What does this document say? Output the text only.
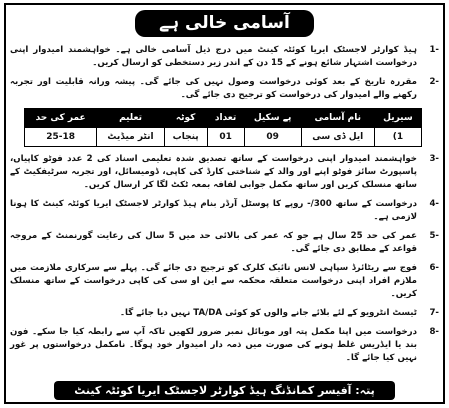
آسامی خالی ہے
1-
ہیڈ کوارٹر لاجسٹک ایریا کوئٹہ کینٹ میں درج ذیل آسامی خالی ہے۔ خواہشمند امیدوار اپنی درخواست اشتہار شائع ہونے کے 15 دن کے اندر زیر دستخطی کو ارسال کریں۔
2-
مقررہ تاریخ کے بعد کوئی درخواست وصول نہیں کی جائے گی۔ پیشہ ورانہ قابلیت اور تجربہ رکھنے والے امیدوار کی درخواست کو ترجیح دی جائے گی۔
سیریل	نام آسامی	پے سکیل	تعداد	کوٹہ	تعلیم	عمر کی حد
1)	ایل ڈی سی	09	01	پنجاب	انٹر میڈیٹ	25-18
3-
خواہشمند امیدوار اپنی درخواست کے ساتھ تصدیق شدہ تعلیمی اسناد کی 2 عدد فوٹو کاپیاں، پاسپورٹ سائز فوٹو اپنے اور والد کے شناختی کارڈ کی کاپی، ڈومیسائل، اور تجربہ سرٹیفکیٹ کے ساتھ منسلک کریں اور ساتھ مکمل جوابی لفافہ بمعہ ٹکٹ لگا کر ارسال کریں۔
4-
درخواست کے ساتھ 300/- روپے کا پوسٹل آرڈر بنام ہیڈ کوارٹر لاجسٹک ایریا کوئٹہ کینٹ کا ہونا لازمی ہے۔
5-
عمر کی حد 25 سال ہے جو کہ عمر کی بالائی حد میں 5 سال کی رعایت گورنمنٹ کے مروجہ قواعد کے مطابق دی جائے گی۔
6-
فوج سے ریٹائرڈ سپاہی لانس نائیک کلرک کو ترجیح دی جائے گی۔ پہلے سے سرکاری ملازمت میں ملازم افراد اپنی درخواست متعلقہ محکمہ سے این او سی کی کاپی درخواست کے ساتھ منسلک کریں۔
7-
ٹیسٹ انٹرویو کے لئے بلائے جانے والوں کو کوئی TA/DA نہیں دیا جائے گا۔
8-
درخواست میں اپنا مکمل پتہ اور موبائل نمبر ضرور لکھیں تاکہ آپ سے رابطہ کیا جا سکے۔ فون بند یا ایڈریس غلط ہونے کی صورت میں ذمہ دار امیدوار خود ہوگا۔ نامکمل درخواستوں پر غور نہیں کیا جائے گا۔
پتہ: آفیسر کمانڈنگ ہیڈ کوارٹر لاجسٹک ایریا کوئٹہ کینٹ
